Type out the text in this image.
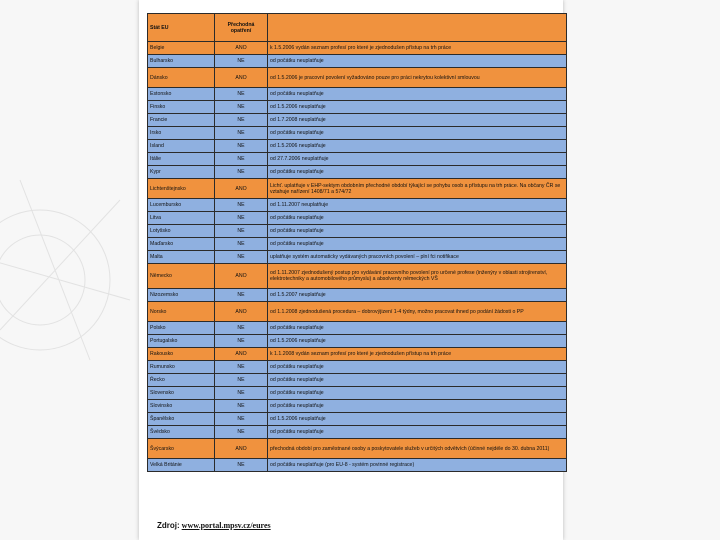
Stát EU	Přechodná opatření	
Belgie	ANO	k 1.5.2006 vydán seznam profesí pro které je zjednodušen přístup na trh práce
Bulharsko	NE	od počátku neuplatňuje
Dánsko	ANO	od 1.5.2006 je pracovní povolení vyžadováno pouze pro práci nekrytou kolektivní smlouvou
Estonsko	NE	od počátku neuplatňuje
Finsko	NE	od 1.5.2006 neuplatňuje
Francie	NE	od 1.7.2008 neuplatňuje
Irsko	NE	od počátku neuplatňuje
Island	NE	od 1.5.2006 neuplatňuje
Itálie	NE	od 27.7.2006 neuplatňuje
Kypr	NE	od počátku neuplatňuje
Lichtenštejnsko	ANO	Lichť. uplatňuje v EHP-sektym obdobním přechodné období týkající se pohybu osob a přístupu na trh práce. Na občany ČR se vztahuje nařízení 1408/71 a 574/72
Lucembursko	NE	od 1.11.2007 neuplatňuje
Litva	NE	od počátku neuplatňuje
Lotyšsko	NE	od počátku neuplatňuje
Maďarsko	NE	od počátku neuplatňuje
Malta	NE	uplatňuje systém automaticky vydávaných pracovních povolení – plní fci notifikace
Německo	ANO	od 1.11.2007 zjednodušený postup pro vydávání pracovního povolení pro určené profese (inženýry v oblasti strojírenství, elektrotechniky a automobilového průmyslu) a absolventy německých VŠ
Nizozemsko	NE	od 1.5.2007 neuplatňuje
Norsko	ANO	od 1.1.2008 zjednodušená procedura – dobrovýjizení 1-4 týdny, možno pracovat ihned po podání žádosti o PP
Polsko	NE	od počátku neuplatňuje
Portugalsko	NE	od 1.5.2006 neuplatňuje
Rakousko	ANO	k 1.1.2008 vydán seznam profesí pro které je zjednodušen přístup na trh práce
Rumunsko	NE	od počátku neuplatňuje
Řecko	NE	od počátku neuplatňuje
Slovensko	NE	od počátku neuplatňuje
Slovinsko	NE	od počátku neuplatňuje
Španělsko	NE	od 1.5.2006 neuplatňuje
Švédsko	NE	od počátku neuplatňuje
Švýcarsko	ANO	přechodná období pro zaměstnané osoby a poskytovatele služeb v určitých odvětvích (účinné nejdéle do 30. dubna 2011)
Velká Británie	NE	od počátku neuplatňuje (pro EU-8 - systém povinné registrace)
Zdroj: www.portal.mpsv.cz/eures
